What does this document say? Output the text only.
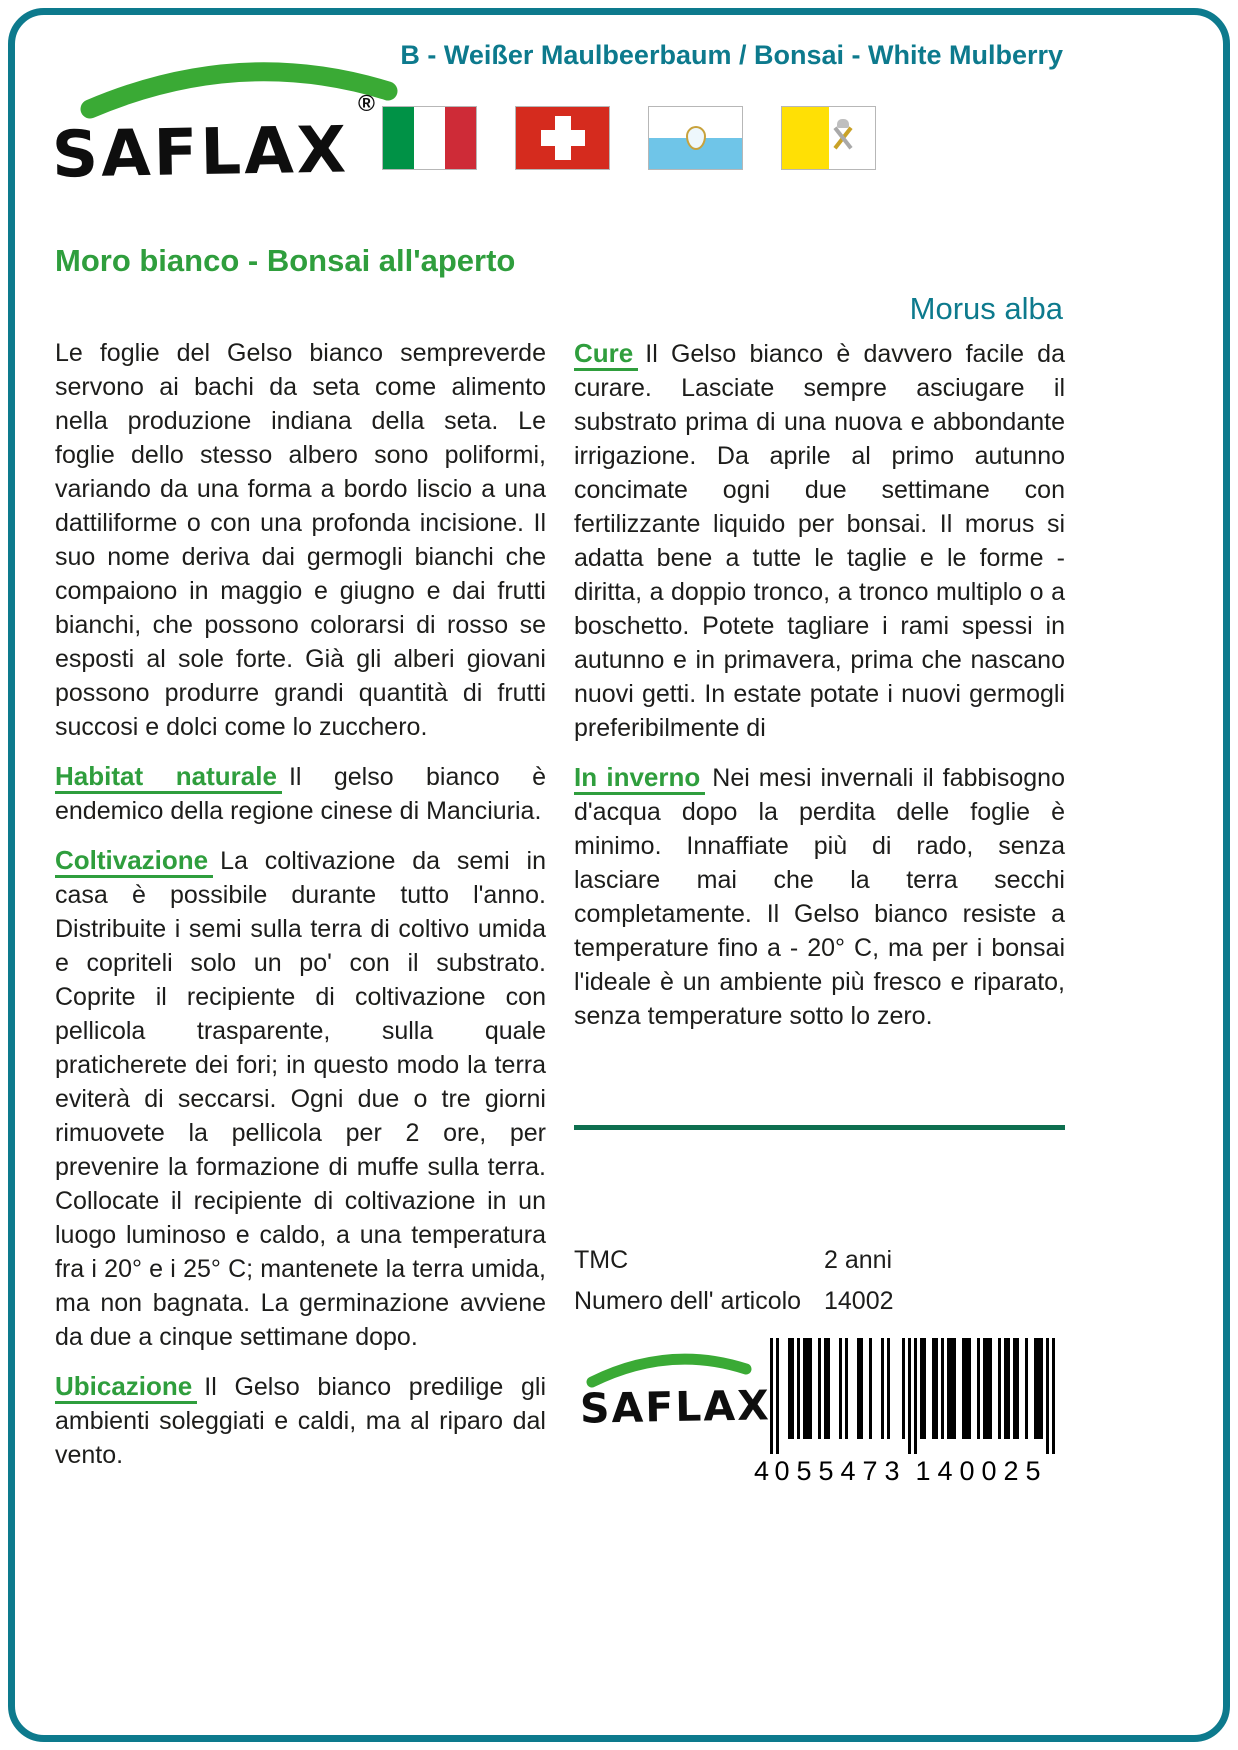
B - Weißer Maulbeerbaum / Bonsai - White Mulberry
SAFLAX
®
Moro bianco - Bonsai all'aperto
Morus alba

Le foglie del Gelso bianco sempreverde servono ai bachi da seta come alimento nella produzione indiana della seta. Le foglie dello stesso albero sono poliformi, variando da una forma a bordo liscio a una dattiliforme o con una profonda incisione. Il suo nome deriva dai germogli bianchi che compaiono in maggio e giugno e dai frutti bianchi, che possono colorarsi di rosso se esposti al sole forte. Già gli alberi giovani possono produrre grandi quantità di frutti succosi e dolci come lo zucchero.

Habitat naturale Il gelso bianco è endemico della regione cinese di Manciuria.

Coltivazione La coltivazione da semi in casa è possibile durante tutto l'anno. Distribuite i semi sulla terra di coltivo umida e copriteli solo un po' con il substrato. Coprite il recipiente di coltivazione con pellicola trasparente, sulla quale praticherete dei fori; in questo modo la terra eviterà di seccarsi. Ogni due o tre giorni rimuovete la pellicola per 2 ore, per prevenire la formazione di muffe sulla terra. Collocate il recipiente di coltivazione in un luogo luminoso e caldo, a una temperatura fra i 20° e i 25° C; mantenete la terra umida, ma non bagnata. La germinazione avviene da due a cinque settimane dopo.

Ubicazione Il Gelso bianco predilige gli ambienti soleggiati e caldi, ma al riparo dal vento.

Cure Il Gelso bianco è davvero facile da curare. Lasciate sempre asciugare il substrato prima di una nuova e abbondante irrigazione. Da aprile al primo autunno concimate ogni due settimane con fertilizzante liquido per bonsai. Il morus si adatta bene a tutte le taglie e le forme - diritta, a doppio tronco, a tronco multiplo o a boschetto. Potete tagliare i rami spessi in autunno e in primavera, prima che nascano nuovi getti. In estate potate i nuovi germogli preferibilmente di

In inverno Nei mesi invernali il fabbisogno d'acqua dopo la perdita delle foglie è minimo. Innaffiate più di rado, senza lasciare mai che la terra secchi completamente. Il Gelso bianco resiste a temperature fino a - 20° C, ma per i bonsai l'ideale è un ambiente più fresco e riparato, senza temperature sotto lo zero.

TMC	2 anni
Numero dell' articolo 14002
SAFLAX
4
055473 140025
